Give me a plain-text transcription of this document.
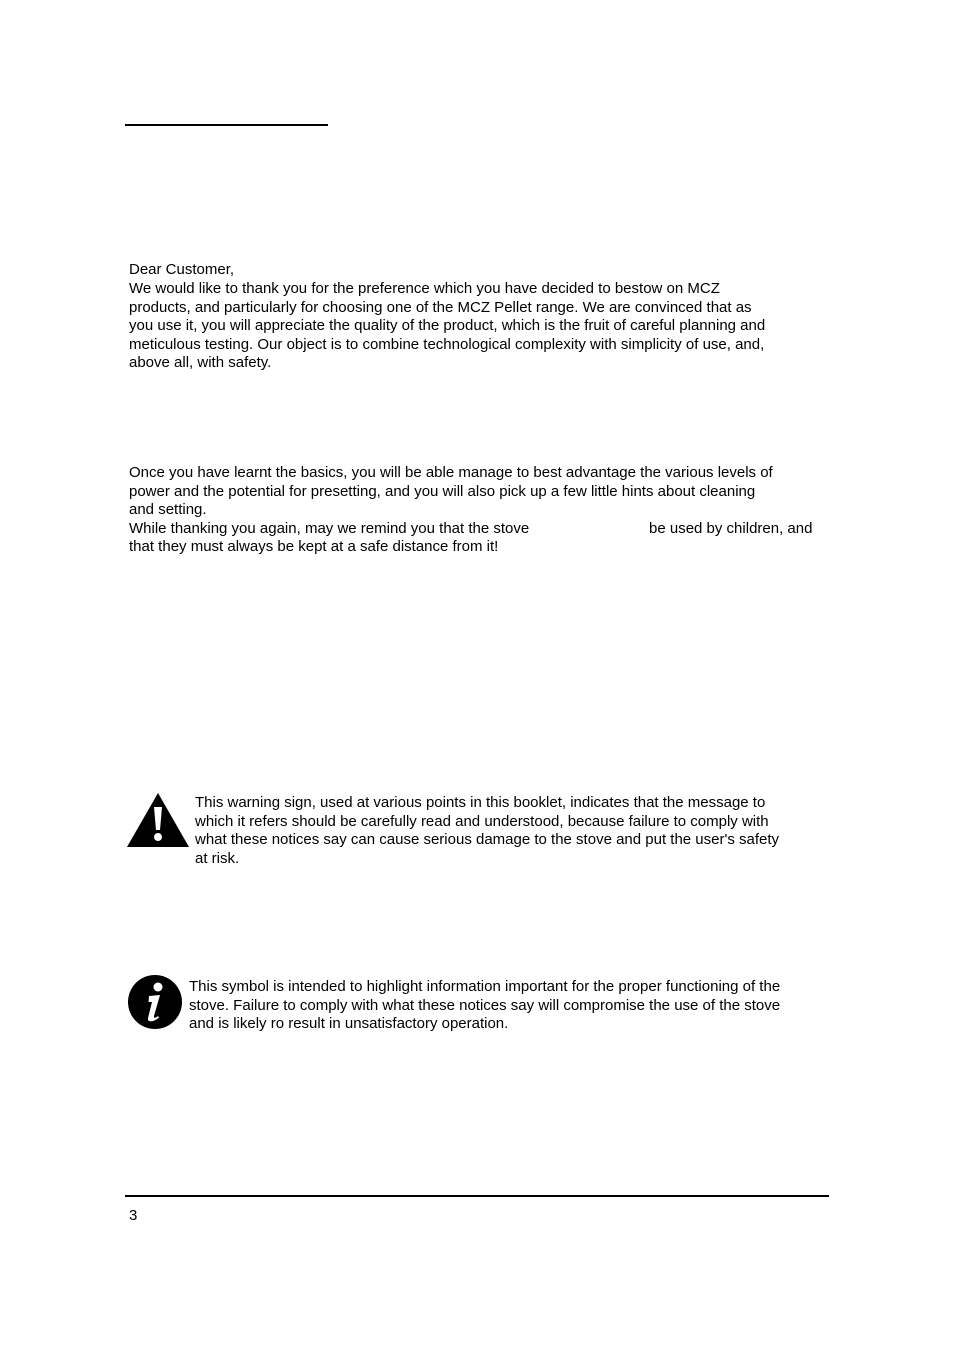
Dear Customer,

We would like to thank you for the preference which you have decided to bestow on MCZ
products, and particularly for choosing one of the MCZ Pellet range. We are convinced that as
you use it, you will appreciate the quality of the product, which is the fruit of careful planning and
meticulous testing. Our object is to combine technological complexity with simplicity of use, and,
above all, with safety.
Once you have learnt the basics, you will be able manage to best advantage the various levels of
power and the potential for presetting, and you will also pick up a few little hints about cleaning
and setting.
While thanking you again, may we remind you that the stove	be used by children, and
that they must always be kept at a safe distance from it!
This warning sign, used at various points in this booklet, indicates that the message to
which it refers should be carefully read and understood, because failure to comply with
what these notices say can cause serious damage to the stove and put the user's safety
at risk.
This symbol is intended to highlight information important for the proper functioning of the
stove. Failure to comply with what these notices say will compromise the use of the stove
and is likely ro result in unsatisfactory operation.
3
